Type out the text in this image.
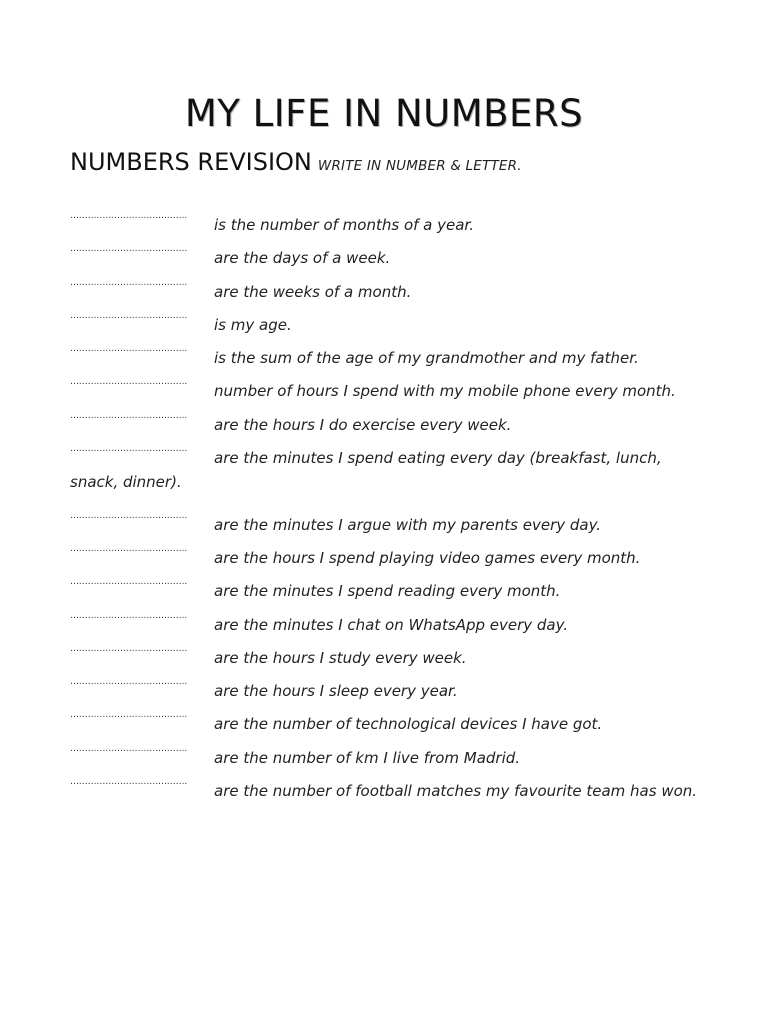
MY LIFE IN NUMBERS
NUMBERS REVISION WRITE IN NUMBER & LETTER.
…………………………………. is the number of months of a year.
…………………………………. are the days of a week.
…………………………………. are the weeks of a month.
…………………………………. is my age.
…………………………………. is the sum of the age of my grandmother and my father.
…………………………………. number of hours I spend with my mobile phone every month.
…………………………………. are the hours I do exercise every week.
…………………………………. are the minutes I spend eating every day (breakfast, lunch,
snack, dinner).
…………………………………. are the minutes I argue with my parents every day.
…………………………………. are the hours I spend playing video games every month.
…………………………………. are the minutes I spend reading every month.
…………………………………. are the minutes I chat on WhatsApp every day.
…………………………………. are the hours I study every week.
…………………………………. are the hours I sleep every year.
…………………………………. are the number of technological devices I have got.
…………………………………. are the number of km I live from Madrid.
…………………………………. are the number of football matches my favourite team has won.
